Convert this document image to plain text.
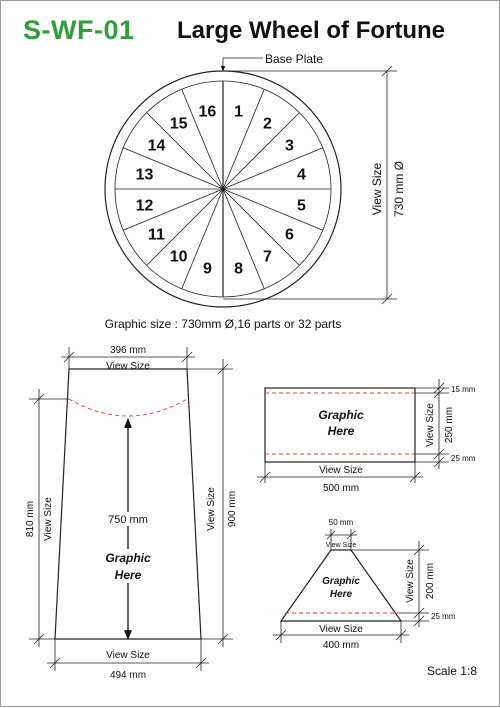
S-WF-01 Large Wheel of Fortune
1
2
3
4
5
6
7
8
9
10
11
12
13
14
15
16
Base Plate
View Size 730 mm Ø
Graphic size : 730mm Ø,16 parts or 32 parts
396 mm
View Size
810 mm View Size	View Size 900 mm
750 mm
Graphic
Here
View Size
494 mm
Graphic
Here
15 mm
View Size 250 mm
25 mm
View Size
500 mm
Graphic
Here
50 mm
View Size
View Size 200 mm
25 mm
View Size
400 mm
Scale 1:8
